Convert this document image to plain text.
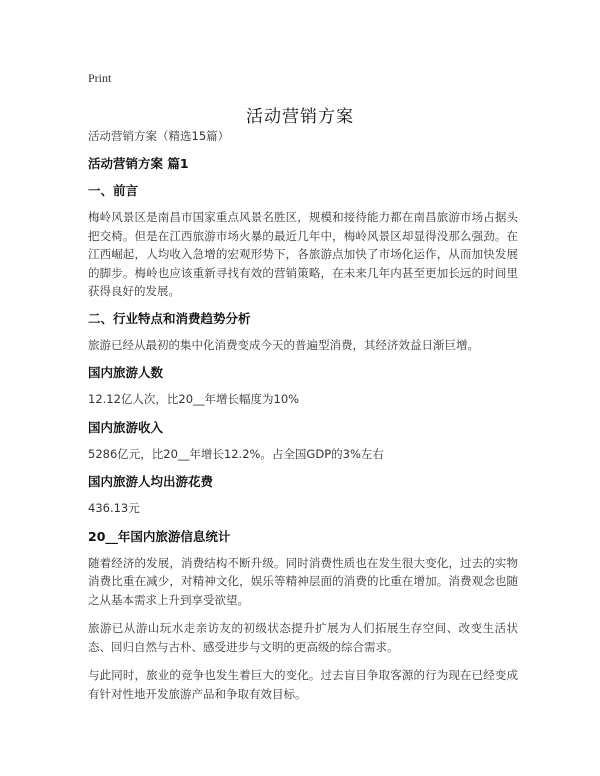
Print
活动营销方案

活动营销方案（精选15篇）

活动营销方案 篇1

一、前言

梅岭风景区是南昌市国家重点风景名胜区，规模和接待能力都在南昌旅游市场占据头把交椅。但是在江西旅游市场火暴的最近几年中，梅岭风景区却显得没那么强劲。在江西崛起，人均收入急增的宏观形势下，各旅游点加快了市场化运作，从而加快发展的脚步。梅岭也应该重新寻找有效的营销策略，在未来几年内甚至更加长远的时间里获得良好的发展。

二、行业特点和消费趋势分析

旅游已经从最初的集中化消费变成今天的普遍型消费，其经济效益日渐巨增。

国内旅游人数

12.12亿人次，比20__年增长幅度为10%

国内旅游收入

5286亿元，比20__年增长12.2%。占全国GDP的3%左右

国内旅游人均出游花费

436.13元

20__年国内旅游信息统计

随着经济的发展，消费结构不断升级。同时消费性质也在发生很大变化，过去的实物消费比重在减少，对精神文化，娱乐等精神层面的消费的比重在增加。消费观念也随之从基本需求上升到享受欲望。

旅游已从游山玩水走亲访友的初级状态提升扩展为人们拓展生存空间、改变生活状态、回归自然与古朴、感受进步与文明的更高级的综合需求。

与此同时，旅业的竞争也发生着巨大的变化。过去盲目争取客源的行为现在已经变成有针对性地开发旅游产品和争取有效目标。
